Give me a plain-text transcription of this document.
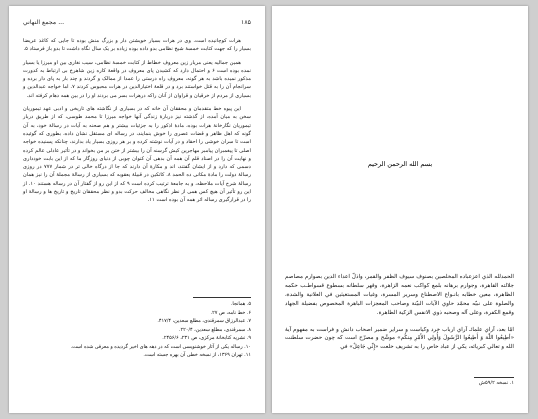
مجمع النهاني ...	۱۸۵

هرات کوچانیده است. وی در هرات بسیار خویشتن دار و بزرگ منش بوده تا جایی که کاغذ عریضا بسیار را که جهت کتابت خمسهٔ شیخ نظامی بدو داده بوده زیاده بر یک سال نگاه داشت تا بدو باز فرستاد ۵.

همین جمالیه یعنی مریار زین معروف خطاط از کتابت خمسهٔ نظامی، سیب نغاری بین او میرزا یا بسیار نمده بوده است ۶ و احتمال دارد که کشیدن پای معروف در واقعهٔ کاره زین شاهرخ بی ارتباط به کدورت مذکور نمیده باشد به هر گونه، معروف راه درستی را عمدا از ممالک و گردند و چند بار به پای دار برده و سرانجام آن را به قتل خواستند برد و در قلعهٔ اختیارالدین در هرات محبوس کردند ۷. اما خواجه عبدالدین و بسیاری از مردم از خرقیان و قراوان از آنان راکه درهرات بسر می بردند او را در بین همه دهام کرفته اند.

این پیوه خط متقدمان و محققان آن خانه که در بسیاری از نگاشته های تاریخی و ادبی عهد تیموریان سخن به میان آمده، از گذشته نیز دربارهٔ زندگی آنها خواجه میرزا تا محمد طوسی، که از طریق دربار تیموریان نگارخانهٔ هرات بوده، مادهٔ اذکور را به جزئیات بیشتر و هم صحنه به آیات در رسالهٔ خود، به آن گونه که اهل ظاهر و قضات عصری را خوش بنمایند، در رساله ای مستقل نشان داده، بطوری که گوئیده است تا سران خوشی را احقاد و در آیات نوشته کرده و بر هر روزی بسیار یاد بدارند، چنانکه پسنیده خواجه اصلی تا پیغمبران پیامبر مهاجرین کیش گرسنه آن را بیشتر از ختن بر من بخواند و در تأثیر عادلی عالم کرده و نهایت آن را در اصناد قلم آن همه آن بدهی آن کنوان چوبی از دنیای روزگار ما که از این بابت خودداری دسمی که دارد و از ایشان گفتند، اند و مکارهٔ آن دارند که جا از درگاه خالی تر در شمار ۷۷۷ در روزی رسالهٔ دولت را مادهٔ مکانی ده الحمد ۸. کاتکین در قبیلهٔ یعقوبه که بسیاری از رسالهٔ مجملهٔ آن را نیز همان رسالهٔ شرح آیات ملاحظه، و به جامعهٔ ترتیب کرده است ۹ که از این رو از گفتار آن در رساله هستند ۱۰. از این رو تأثیر آن هیچ کس همی از نظر نگاهی مخالف حرکت بدو و نظر محققان تاریخ و تاریخ ها و رسالهٔ او را در قرارگیری رساله اثر همه آن بوده است ۱۱.

۵. همانجا.
۶. خط نامه، ص ۲۷.
۷. عبدالرزاق سمرقندی، مطلع سعدین، ۴۱۷/۴.
۸. سمرقندی، مطلع سعدین، ۲۲۰/۴.
۹. نشریه کتابخانهٔ مرکزی، ص ۲۳۱، ۲۴۵۶/۶.
۱۰. رساله یکی از آثار خوشنویسی است که در دهه های اخیر گردیده و معرفی شده است.
۱۱. تهران ۱۳۶۹، از نسخه خطی آن بهره جسته است.
بسم الله الرحمن الرحيم

الحمدلله الذي اعزعباده المخلصين بصنوف سيوف الظفر والقمر، واذلّ اعداء الدين بصوارم مصاصم جلالته القاهرة، وجوارم برهانه بلمع كواكب نعمه الزاهرة، وقهر سلطانه بسطوع قسواطـب حكمه الظاهرة، معين خطابه بانـواع الاصطناع وسرير المسرة، وغيات المستغيثين في العلانية والشدة، والصلوة على نبيّه محمّد حاوي الآيات البيّنة وصاحب المعجزات الباهرة المخصوص بفضيلة الجهاد وقمع الكفرة، وعلى آله وصحبه ذوي الانفس الزكية الطاهرة.

امّا بعد، آراي علمائـ آراي ارباب خرد وكياست و سراير ضمير اصحاب دانش و فراست به مفهوم آيهٔ «أطِيعُوا اللّٰهَ وَ أَطِيعُوا الرَّسُولَ وَأُولِي الأَمْرِ مِنكُم» موشّح و مصرّح است كه چون حضرت سلطنت الله و تعالي كبريائه، يكي از عباد خاص را به تشريف خلعت «إِنِّي جَاعِلٌ» في

۱. نسخه ۵۹/۲ش
